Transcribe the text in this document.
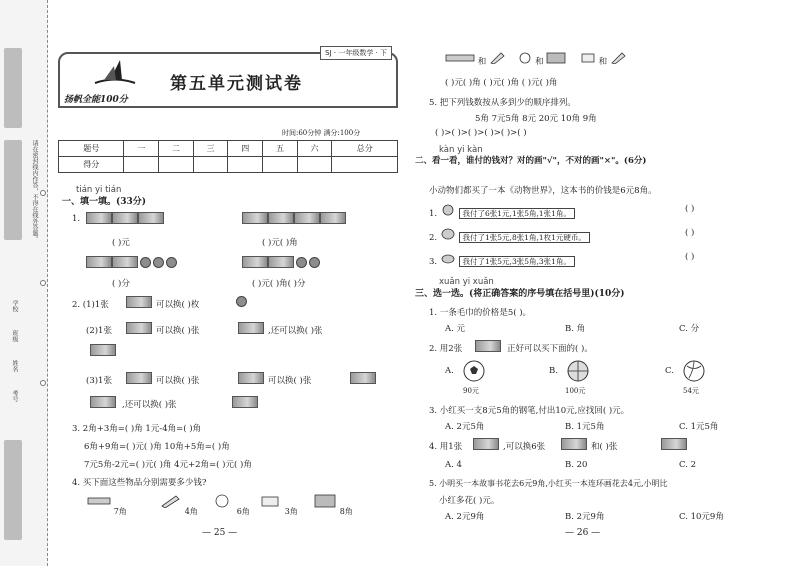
请在密封线内作答，不得在线外答题。
学校
班级
姓名
考号
SJ · 一年级数学 · 下
第五单元测试卷
扬帆全能100分
时间:60分钟 满分:100分
题号	一	二	三	四	五	六	总分
得分							
tián yi tián
一、填一填。(33分)
1.
( )元	( )元( )角
( )分	( )元( )角( )分
2. (1)1张	可以换( )枚
(2)1张	可以换( )张	,还可以换( )张
(3)1张	可以换( )张	可以换( )张
,还可以换( )张
3. 2角+3角=( )角 1元-4角=( )角
6角+9角=( )元( )角 10角+5角=( )角
7元5角-2元=( )元( )角 4元+2角=( )元( )角
4. 买下面这些物品分别需要多少钱?
7角	4角	6角	3角	8角
— 25 —
和	和	和
( )元( )角 ( )元( )角 ( )元( )角
5. 把下列钱数按从多到少的顺序排列。
5角 7元5角 8元 20元 10角 9角
( )>( )>( )>( )>( )>( )
kàn yi kàn
二、看一看，谁付的钱对？对的画"√"，不对的画"×"。(6分)
小动物们都买了一本《动物世界》，这本书的价钱是6元8角。
1.	我付了6张1元,1张5角,1张1角。	( )
2.	我付了1张5元,8张1角,1枚1元硬币。	( )
3.	我付了1张5元,3张5角,3张1角。	( )
xuǎn yi xuǎn
三、选一选。(将正确答案的序号填在括号里)(10分)
1. 一条毛巾的价格是5( )。
A. 元	B. 角	C. 分
2. 用2张	正好可以买下面的( )。
A.
90元
B.
100元
C.
54元
3. 小红买一支8元5角的钢笔,付出10元,应找回( )元。
A. 2元5角	B. 1元5角	C. 1元5角
4. 用1张	,可以换6张	和( )张
A. 4	B. 20	C. 2
5. 小明买一本故事书花去6元9角,小红买一本连环画花去4元,小明比
小红多花( )元。
A. 2元9角	B. 2元9角	C. 10元9角
— 26 —
